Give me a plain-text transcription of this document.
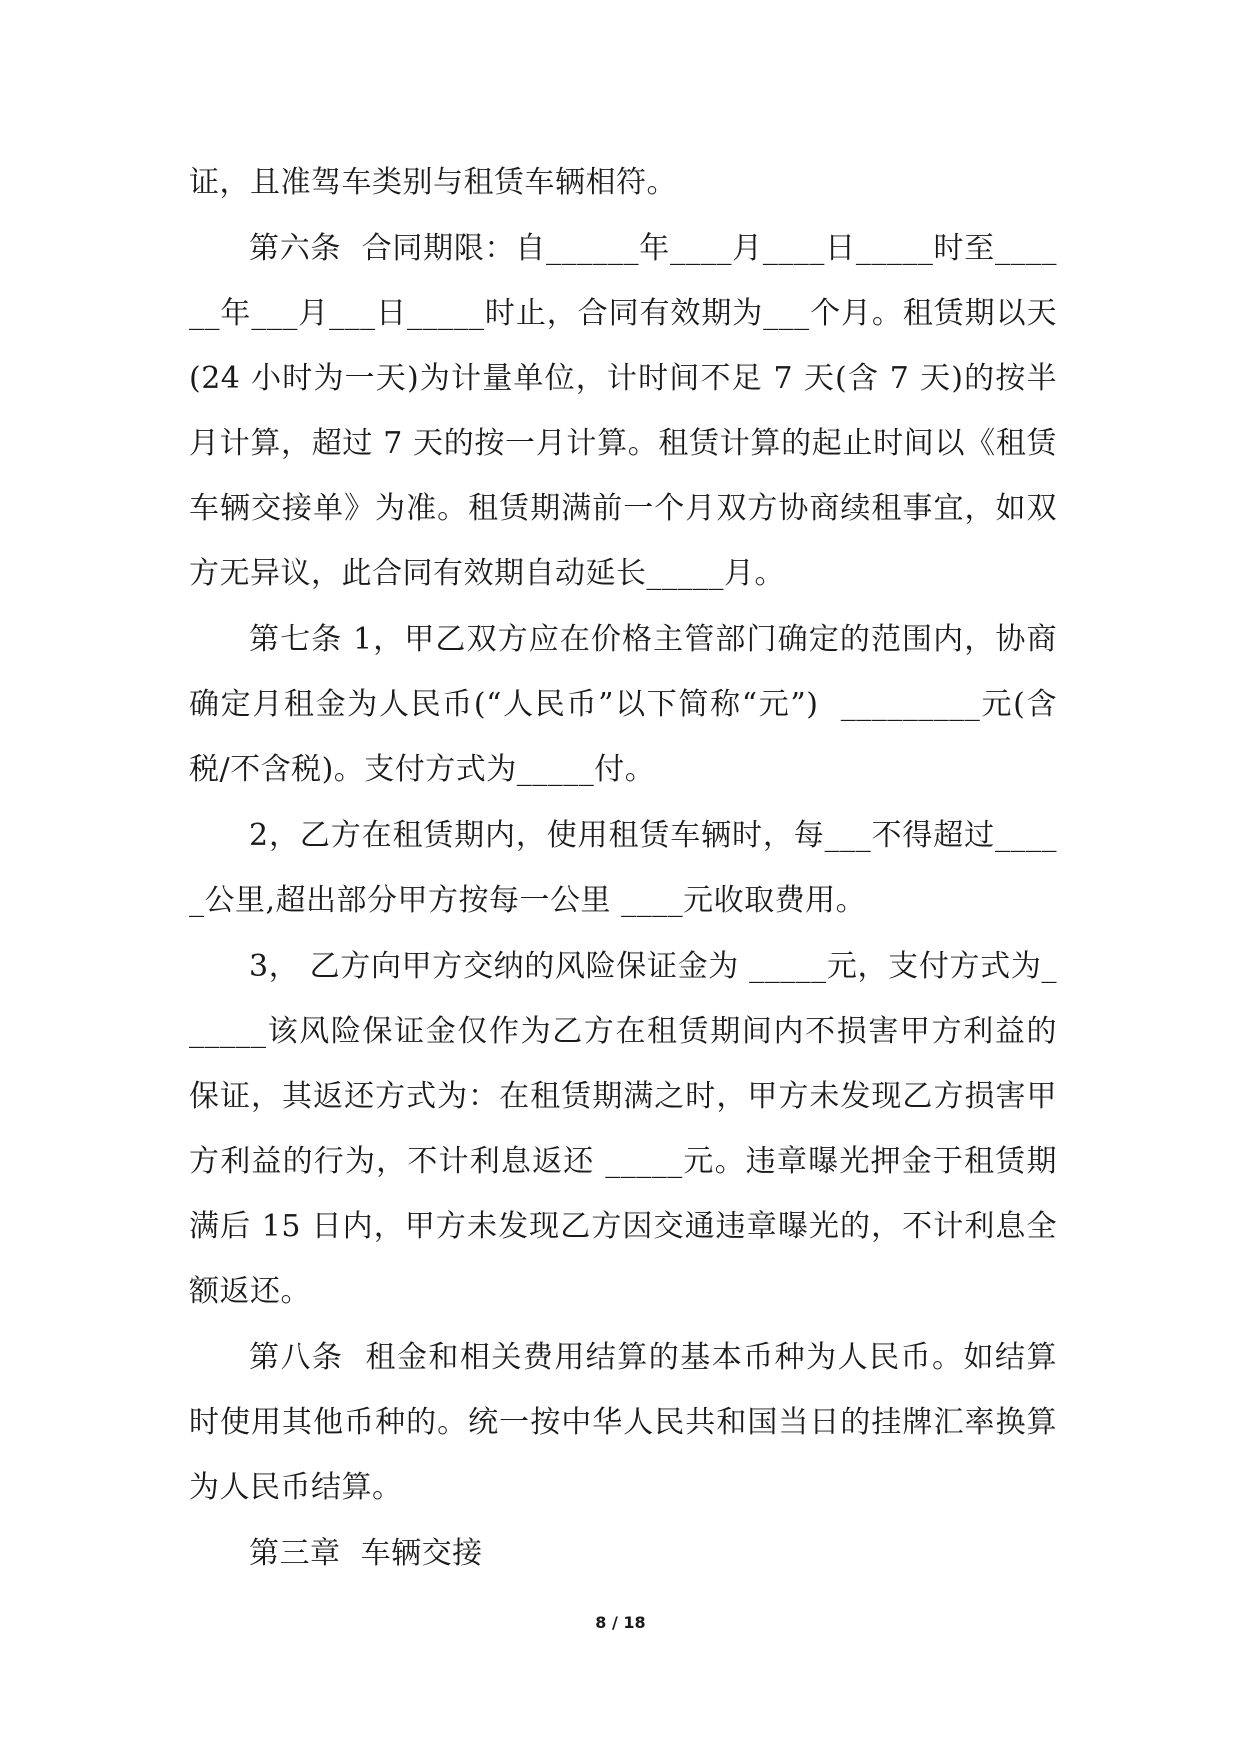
证，且准驾车类别与租赁车辆相符。

第六条  合同期限：自______年____月____日_____时至______年___月___日_____时止，合同有效期为___个月。租赁期以天(24 小时为一天)为计量单位，计时间不足 7 天(含 7 天)的按半月计算，超过 7 天的按一月计算。租赁计算的起止时间以《租赁车辆交接单》为准。租赁期满前一个月双方协商续租事宜，如双方无异议，此合同有效期自动延长_____月。

第七条 1，甲乙双方应在价格主管部门确定的范围内，协商确定月租金为人民币(“人民币”以下简称“元”)  _________元(含税/不含税)。支付方式为_____付。

2，乙方在租赁期内，使用租赁车辆时，每___不得超过_____公里,超出部分甲方按每一公里 ____元收取费用。

3， 乙方向甲方交纳的风险保证金为 _____元，支付方式为______该风险保证金仅作为乙方在租赁期间内不损害甲方利益的保证，其返还方式为：在租赁期满之时，甲方未发现乙方损害甲方利益的行为，不计利息返还 _____元。违章曝光押金于租赁期满后 15 日内，甲方未发现乙方因交通违章曝光的，不计利息全额返还。

第八条  租金和相关费用结算的基本币种为人民币。如结算时使用其他币种的。统一按中华人民共和国当日的挂牌汇率换算为人民币结算。

第三章  车辆交接

8 / 18
